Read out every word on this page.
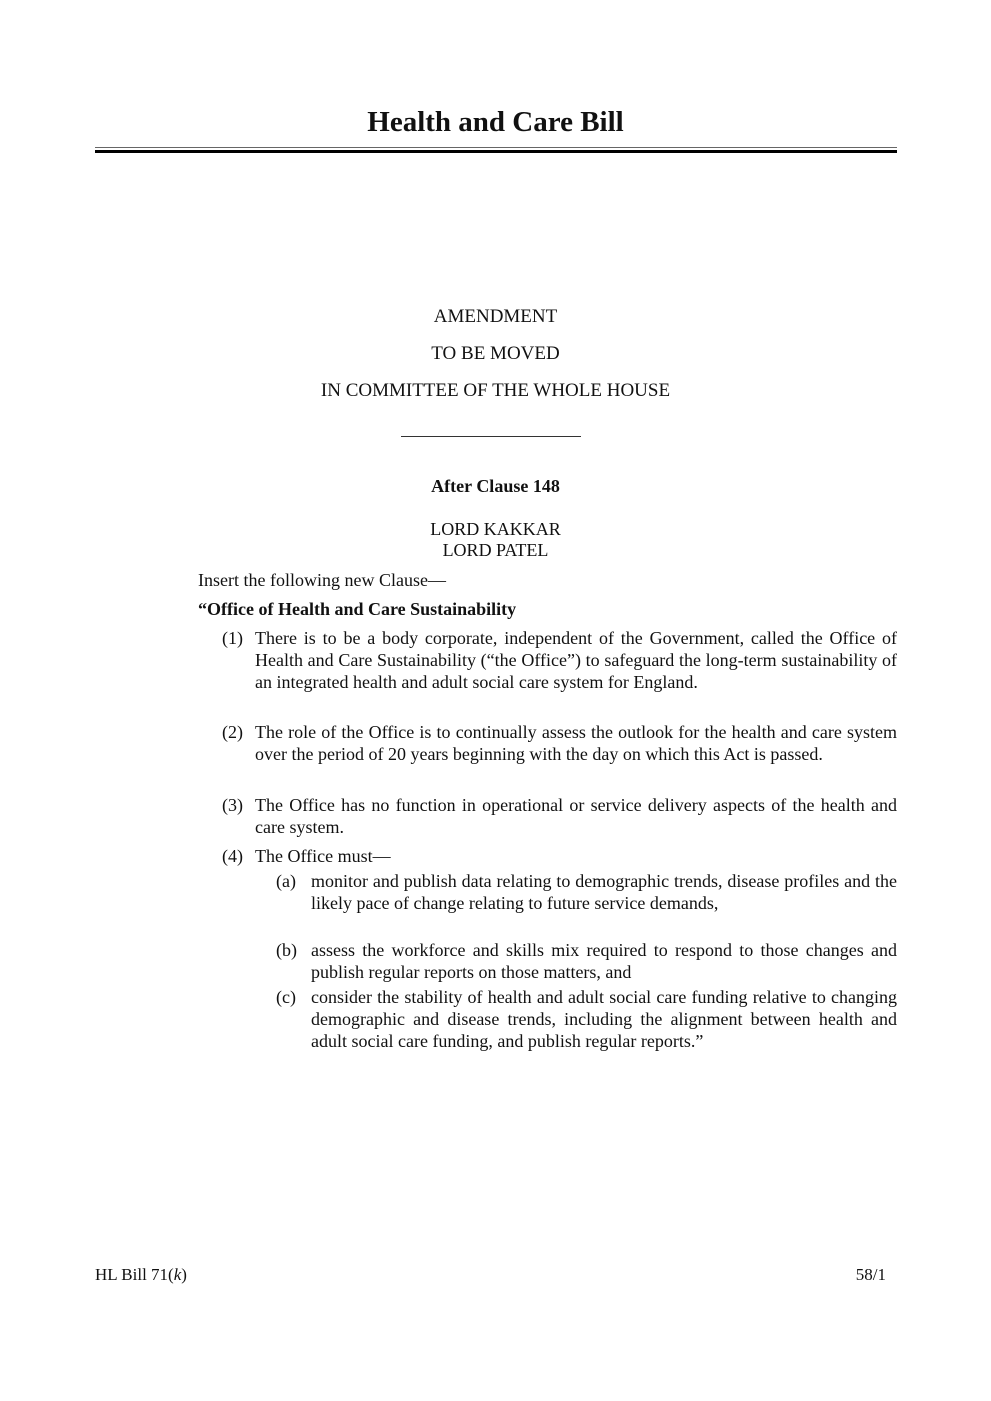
Health and Care Bill
AMENDMENT
TO BE MOVED
IN COMMITTEE OF THE WHOLE HOUSE
After Clause 148
LORD KAKKAR
LORD PATEL
Insert the following new Clause—
“Office of Health and Care Sustainability
(1) There is to be a body corporate, independent of the Government, called the Office of Health and Care Sustainability (“the Office”) to safeguard the long-term sustainability of an integrated health and adult social care system for England.
(2) The role of the Office is to continually assess the outlook for the health and care system over the period of 20 years beginning with the day on which this Act is passed.
(3) The Office has no function in operational or service delivery aspects of the health and care system.
(4) The Office must—
(a) monitor and publish data relating to demographic trends, disease profiles and the likely pace of change relating to future service demands,
(b) assess the workforce and skills mix required to respond to those changes and publish regular reports on those matters, and
(c) consider the stability of health and adult social care funding relative to changing demographic and disease trends, including the alignment between health and adult social care funding, and publish regular reports.”
HL Bill 71(k)	58/1
